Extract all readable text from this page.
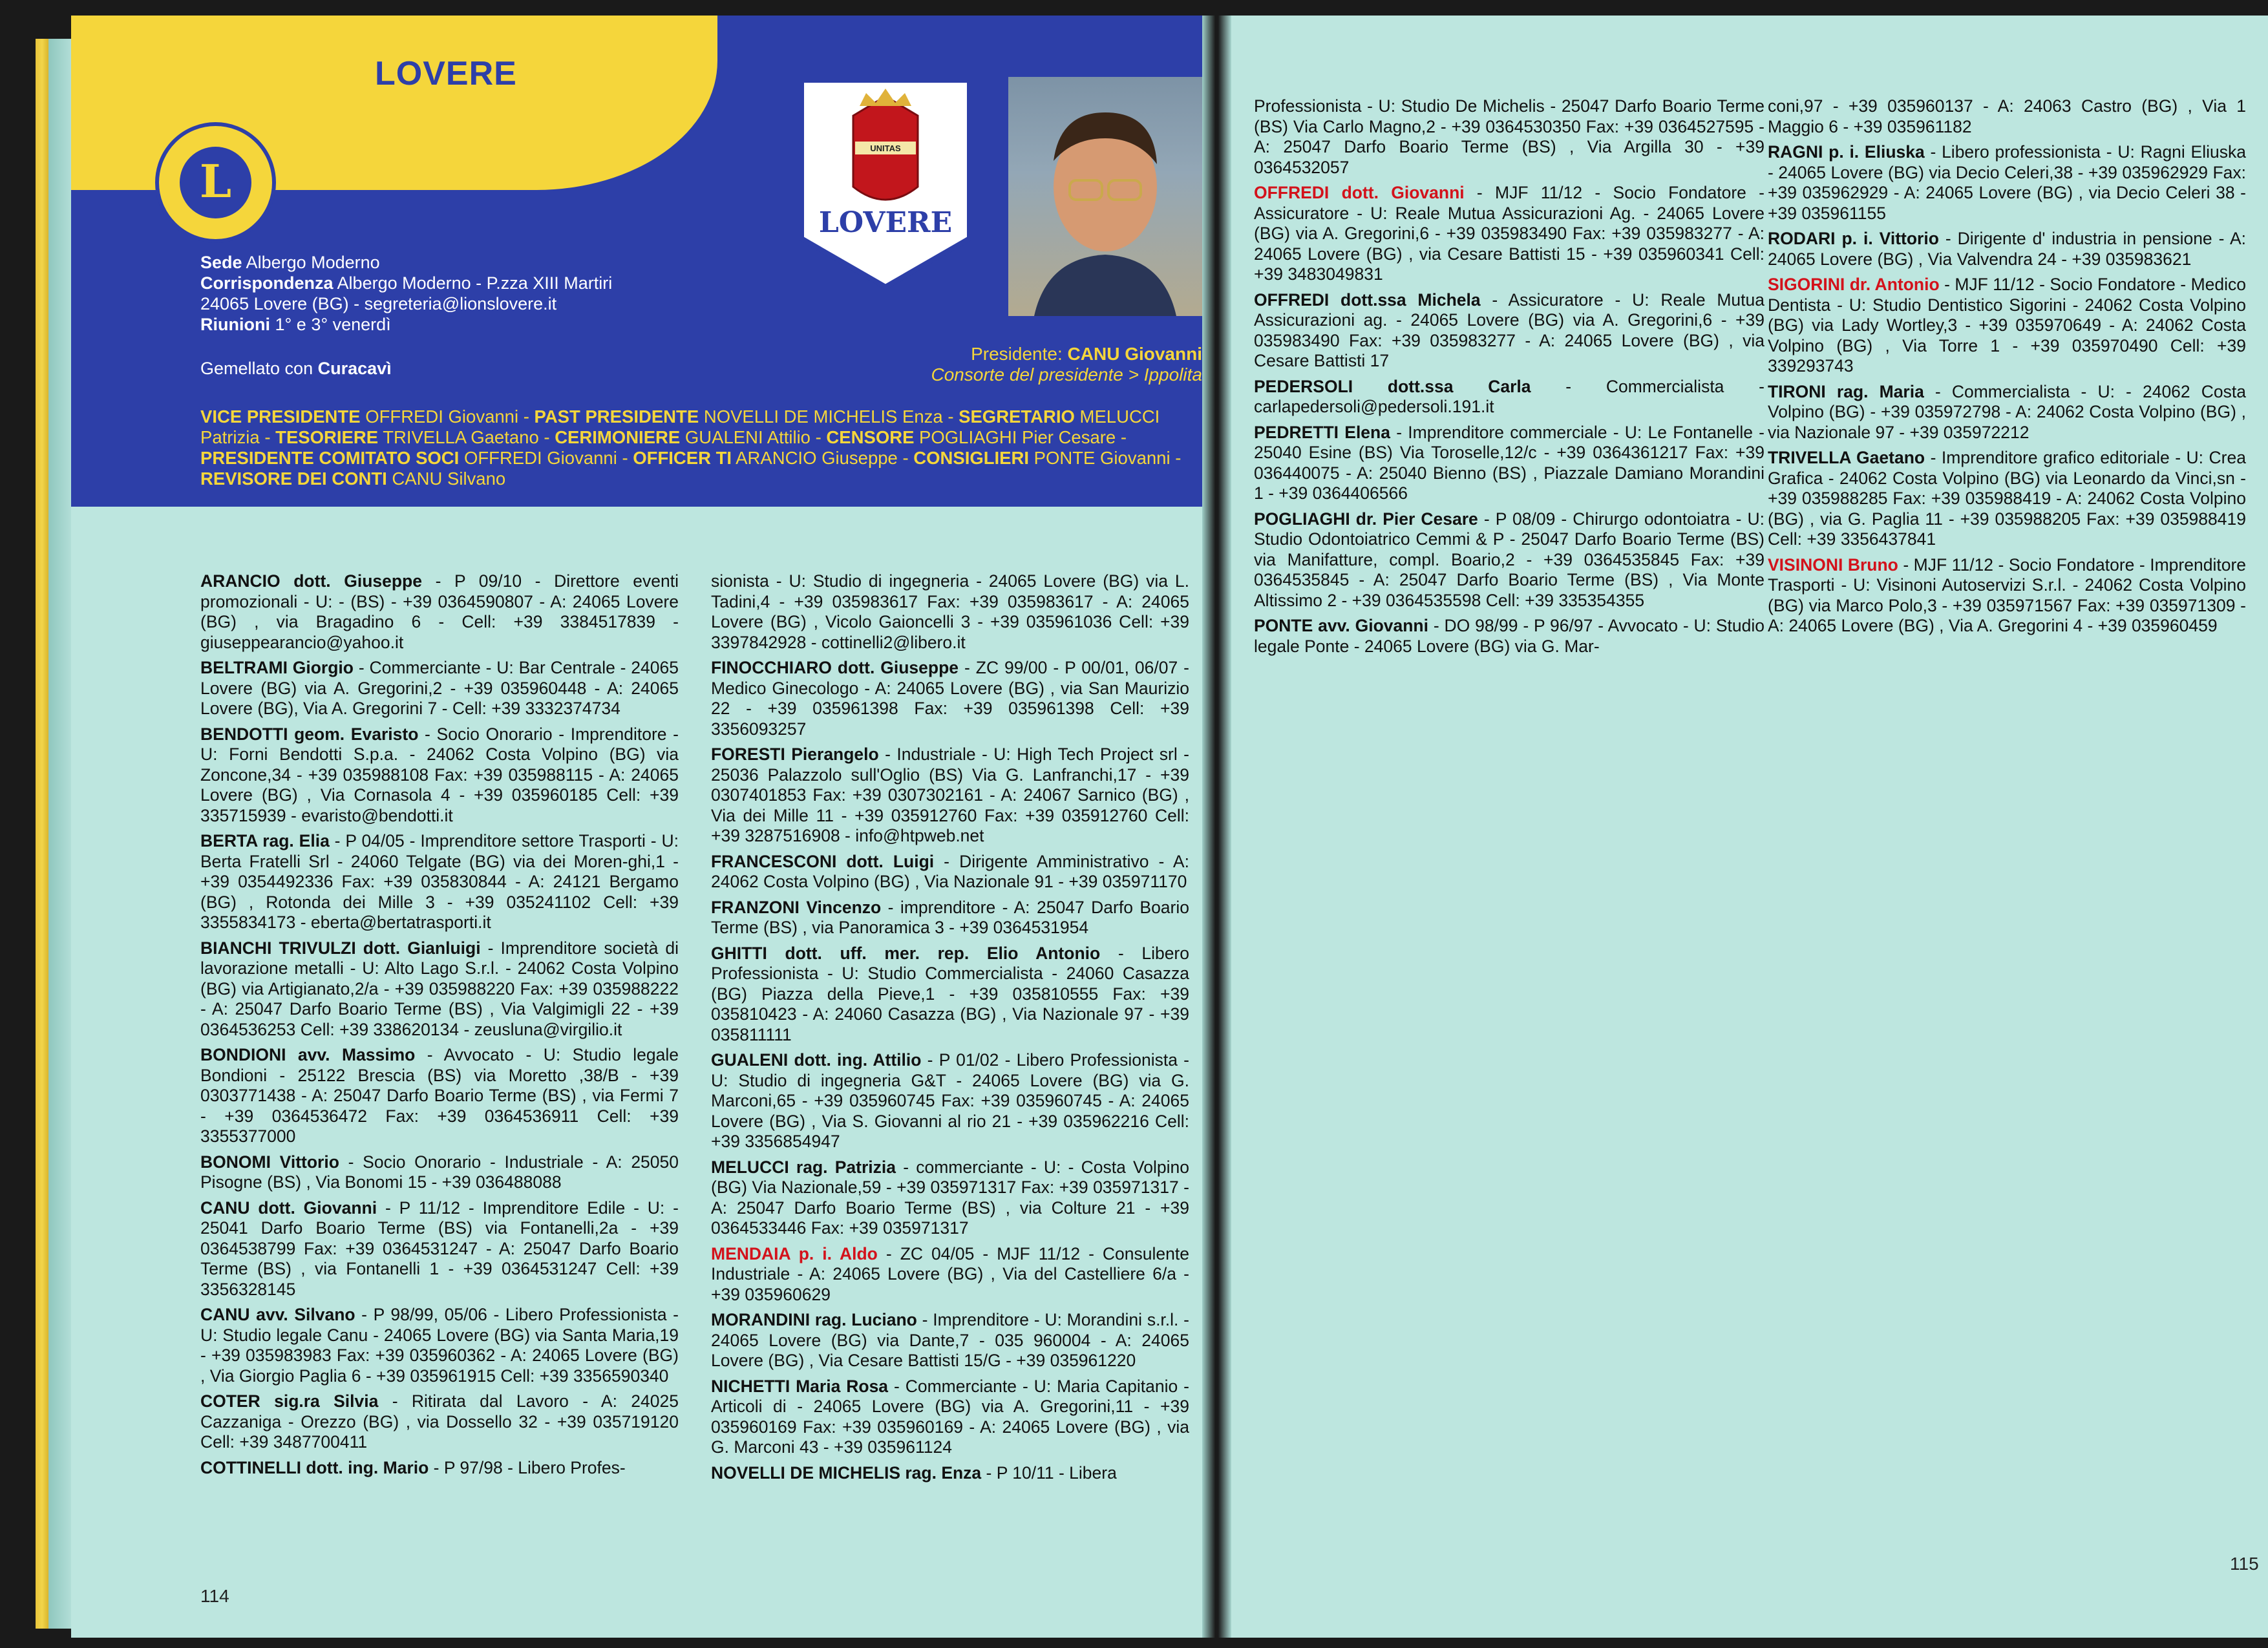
LOVERE
L
Sede Albergo Moderno
Corrispondenza Albergo Moderno - P.zza XIII Martiri
24065 Lovere (BG) - segreteria@lionslovere.it
Riunioni 1° e 3° venerdì
Gemellato con Curacavì
UNITAS
LOVERE
Presidente: CANU Giovanni
Consorte del presidente > Ippolita
VICE PRESIDENTE OFFREDI Giovanni - PAST PRESIDENTE NOVELLI DE MICHELIS Enza - SEGRETARIO MELUCCI Patrizia - TESORIERE TRIVELLA Gaetano - CERIMONIERE GUALENI Attilio - CENSORE POGLIAGHI Pier Cesare - PRESIDENTE COMITATO SOCI OFFREDI Giovanni - OFFICER TI ARANCIO Giuseppe - CONSIGLIERI PONTE Giovanni - REVISORE DEI CONTI CANU Silvano
ARANCIO dott. Giuseppe - P 09/10 - Direttore eventi promozionali - U: - (BS) - +39 0364590807 - A: 24065 Lovere (BG) , via Bragadino 6 - Cell: +39 3384517839 - giuseppearancio@yahoo.it
BELTRAMI Giorgio - Commerciante - U: Bar Centrale - 24065 Lovere (BG) via A. Gregorini,2 - +39 035960448 - A: 24065 Lovere (BG), Via A. Gregorini 7 - Cell: +39 3332374734
BENDOTTI geom. Evaristo - Socio Onorario - Imprenditore - U: Forni Bendotti S.p.a. - 24062 Costa Volpino (BG) via Zoncone,34 - +39 035988108 Fax: +39 035988115 - A: 24065 Lovere (BG) , Via Cornasola 4 - +39 035960185 Cell: +39 335715939 - evaristo@bendotti.it
BERTA rag. Elia - P 04/05 - Imprenditore settore Trasporti - U: Berta Fratelli Srl - 24060 Telgate (BG) via dei Moren-ghi,1 - +39 0354492336 Fax: +39 035830844 - A: 24121 Bergamo (BG) , Rotonda dei Mille 3 - +39 035241102 Cell: +39 3355834173 - eberta@bertatrasporti.it
BIANCHI TRIVULZI dott. Gianluigi - Imprenditore società di lavorazione metalli - U: Alto Lago S.r.l. - 24062 Costa Volpino (BG) via Artigianato,2/a - +39 035988220 Fax: +39 035988222 - A: 25047 Darfo Boario Terme (BS) , Via Valgimigli 22 - +39 0364536253 Cell: +39 338620134 - zeusluna@virgilio.it
BONDIONI avv. Massimo - Avvocato - U: Studio legale Bondioni - 25122 Brescia (BS) via Moretto ,38/B - +39 0303771438 - A: 25047 Darfo Boario Terme (BS) , via Fermi 7 - +39 0364536472 Fax: +39 0364536911 Cell: +39 3355377000
BONOMI Vittorio - Socio Onorario - Industriale - A: 25050 Pisogne (BS) , Via Bonomi 15 - +39 036488088
CANU dott. Giovanni - P 11/12 - Imprenditore Edile - U: - 25041 Darfo Boario Terme (BS) via Fontanelli,2a - +39 0364538799 Fax: +39 0364531247 - A: 25047 Darfo Boario Terme (BS) , via Fontanelli 1 - +39 0364531247 Cell: +39 3356328145
CANU avv. Silvano - P 98/99, 05/06 - Libero Professionista - U: Studio legale Canu - 24065 Lovere (BG) via Santa Maria,19 - +39 035983983 Fax: +39 035960362 - A: 24065 Lovere (BG) , Via Giorgio Paglia 6 - +39 035961915 Cell: +39 3356590340
COTER sig.ra Silvia - Ritirata dal Lavoro - A: 24025 Cazzaniga - Orezzo (BG) , via Dossello 32 - +39 035719120 Cell: +39 3487700411
COTTINELLI dott. ing. Mario - P 97/98 - Libero Profes-
sionista - U: Studio di ingegneria - 24065 Lovere (BG) via L. Tadini,4 - +39 035983617 Fax: +39 035983617 - A: 24065 Lovere (BG) , Vicolo Gaioncelli 3 - +39 035961036 Cell: +39 3397842928 - cottinelli2@libero.it
FINOCCHIARO dott. Giuseppe - ZC 99/00 - P 00/01, 06/07 - Medico Ginecologo - A: 24065 Lovere (BG) , via San Maurizio 22 - +39 035961398 Fax: +39 035961398 Cell: +39 3356093257
FORESTI Pierangelo - Industriale - U: High Tech Project srl - 25036 Palazzolo sull'Oglio (BS) Via G. Lanfranchi,17 - +39 0307401853 Fax: +39 0307302161 - A: 24067 Sarnico (BG) , Via dei Mille 11 - +39 035912760 Fax: +39 035912760 Cell: +39 3287516908 - info@htpweb.net
FRANCESCONI dott. Luigi - Dirigente Amministrativo - A: 24062 Costa Volpino (BG) , Via Nazionale 91 - +39 035971170
FRANZONI Vincenzo - imprenditore - A: 25047 Darfo Boario Terme (BS) , via Panoramica 3 - +39 0364531954
GHITTI dott. uff. mer. rep. Elio Antonio - Libero Professionista - U: Studio Commercialista - 24060 Casazza (BG) Piazza della Pieve,1 - +39 035810555 Fax: +39 035810423 - A: 24060 Casazza (BG) , Via Nazionale 97 - +39 035811111
GUALENI dott. ing. Attilio - P 01/02 - Libero Professionista - U: Studio di ingegneria G&T - 24065 Lovere (BG) via G. Marconi,65 - +39 035960745 Fax: +39 035960745 - A: 24065 Lovere (BG) , Via S. Giovanni al rio 21 - +39 035962216 Cell: +39 3356854947
MELUCCI rag. Patrizia - commerciante - U: - Costa Volpino (BG) Via Nazionale,59 - +39 035971317 Fax: +39 035971317 - A: 25047 Darfo Boario Terme (BS) , via Colture 21 - +39 0364533446 Fax: +39 035971317
MENDAIA p. i. Aldo - ZC 04/05 - MJF 11/12 - Consulente Industriale - A: 24065 Lovere (BG) , Via del Castelliere 6/a - +39 035960629
MORANDINI rag. Luciano - Imprenditore - U: Morandini s.r.l. - 24065 Lovere (BG) via Dante,7 - 035 960004 - A: 24065 Lovere (BG) , Via Cesare Battisti 15/G - +39 035961220
NICHETTI Maria Rosa - Commerciante - U: Maria Capitanio - Articoli di - 24065 Lovere (BG) via A. Gregorini,11 - +39 035960169 Fax: +39 035960169 - A: 24065 Lovere (BG) , via G. Marconi 43 - +39 035961124
NOVELLI DE MICHELIS rag. Enza - P 10/11 - Libera
114
Professionista - U: Studio De Michelis - 25047 Darfo Boario Terme (BS) Via Carlo Magno,2 - +39 0364530350 Fax: +39 0364527595 - A: 25047 Darfo Boario Terme (BS) , Via Argilla 30 - +39 0364532057
OFFREDI dott. Giovanni - MJF 11/12 - Socio Fondatore - Assicuratore - U: Reale Mutua Assicurazioni Ag. - 24065 Lovere (BG) via A. Gregorini,6 - +39 035983490 Fax: +39 035983277 - A: 24065 Lovere (BG) , via Cesare Battisti 15 - +39 035960341 Cell: +39 3483049831
OFFREDI dott.ssa Michela - Assicuratore - U: Reale Mutua Assicurazioni ag. - 24065 Lovere (BG) via A. Gregorini,6 - +39 035983490 Fax: +39 035983277 - A: 24065 Lovere (BG) , via Cesare Battisti 17
PEDERSOLI dott.ssa Carla - Commercialista - carlapedersoli@pedersoli.191.it
PEDRETTI Elena - Imprenditore commerciale - U: Le Fontanelle - 25040 Esine (BS) Via Toroselle,12/c - +39 0364361217 Fax: +39 036440075 - A: 25040 Bienno (BS) , Piazzale Damiano Morandini 1 - +39 0364406566
POGLIAGHI dr. Pier Cesare - P 08/09 - Chirurgo odontoiatra - U: Studio Odontoiatrico Cemmi & P - 25047 Darfo Boario Terme (BS) via Manifatture, compl. Boario,2 - +39 0364535845 Fax: +39 0364535845 - A: 25047 Darfo Boario Terme (BS) , Via Monte Altissimo 2 - +39 0364535598 Cell: +39 335354355
PONTE avv. Giovanni - DO 98/99 - P 96/97 - Avvocato - U: Studio legale Ponte - 24065 Lovere (BG) via G. Mar-
coni,97 - +39 035960137 - A: 24063 Castro (BG) , Via 1 Maggio 6 - +39 035961182
RAGNI p. i. Eliuska - Libero professionista - U: Ragni Eliuska - 24065 Lovere (BG) via Decio Celeri,38 - +39 035962929 Fax: +39 035962929 - A: 24065 Lovere (BG) , via Decio Celeri 38 - +39 035961155
RODARI p. i. Vittorio - Dirigente d' industria in pensione - A: 24065 Lovere (BG) , Via Valvendra 24 - +39 035983621
SIGORINI dr. Antonio - MJF 11/12 - Socio Fondatore - Medico Dentista - U: Studio Dentistico Sigorini - 24062 Costa Volpino (BG) via Lady Wortley,3 - +39 035970649 - A: 24062 Costa Volpino (BG) , Via Torre 1 - +39 035970490 Cell: +39 339293743
TIRONI rag. Maria - Commercialista - U: - 24062 Costa Volpino (BG) - +39 035972798 - A: 24062 Costa Volpino (BG) , via Nazionale 97 - +39 035972212
TRIVELLA Gaetano - Imprenditore grafico editoriale - U: Crea Grafica - 24062 Costa Volpino (BG) via Leonardo da Vinci,sn - +39 035988285 Fax: +39 035988419 - A: 24062 Costa Volpino (BG) , via G. Paglia 11 - +39 035988205 Fax: +39 035988419 Cell: +39 3356437841
VISINONI Bruno - MJF 11/12 - Socio Fondatore - Imprenditore Trasporti - U: Visinoni Autoservizi S.r.l. - 24062 Costa Volpino (BG) via Marco Polo,3 - +39 035971567 Fax: +39 035971309 - A: 24065 Lovere (BG) , Via A. Gregorini 4 - +39 035960459
115
